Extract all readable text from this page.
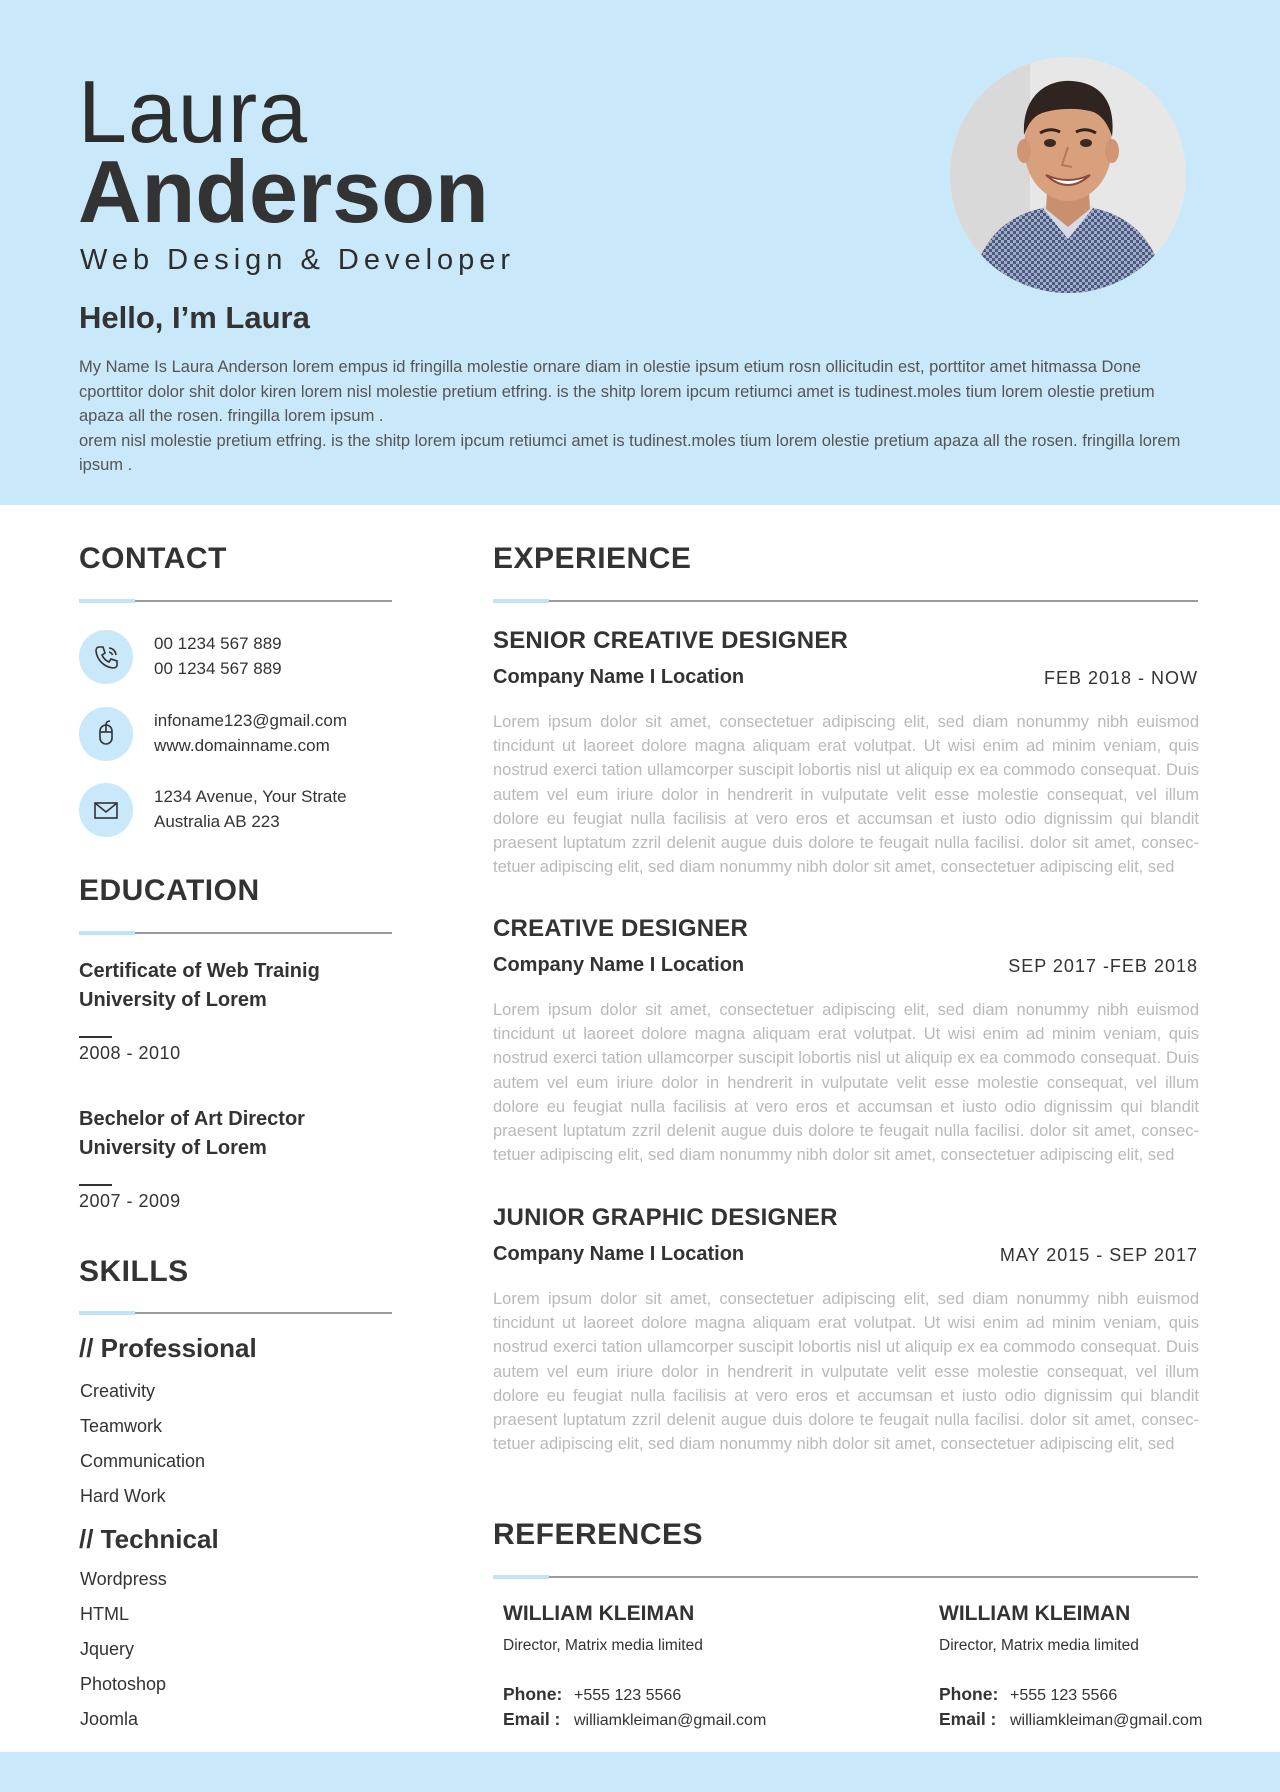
Laura
Anderson
Web Design & Developer
Hello, I’m Laura

My Name Is Laura Anderson lorem empus id fringilla molestie ornare diam in olestie ipsum etium rosn ollicitudin est, porttitor amet hitmassa Done cporttitor dolor shit dolor kiren lorem nisl molestie pretium etfring. is the shitp lorem ipcum retiumci amet is tudinest.moles tium lorem olestie pretium apaza all the rosen. fringilla lorem ipsum .

orem nisl molestie pretium etfring. is the shitp lorem ipcum retiumci amet is tudinest.moles tium lorem olestie pretium apaza all the rosen. fringilla lorem ipsum .

CONTACT
00 1234 567 889
00 1234 567 889
infoname123@gmail.com
www.domainname.com
1234 Avenue, Your Strate
Australia AB 223
EDUCATION
Certificate of Web Trainig
University of Lorem
2008 - 2010
Bechelor of Art Director
University of Lorem
2007 - 2009
SKILLS
// Professional
Creativity
Teamwork
Communication
Hard Work
// Technical
Wordpress
HTML
Jquery
Photoshop
Joomla
EXPERIENCE
SENIOR CREATIVE DESIGNER
Company Name I Location	FEB 2018 - NOW
Lorem ipsum dolor sit amet, consectetuer adipiscing elit, sed diam nonummy nibh euismod tincidunt ut laoreet dolore magna aliquam erat volutpat. Ut wisi enim ad minim veniam, quis nostrud exerci tation ullamcorper suscipit lobortis nisl ut aliquip ex ea commodo consequat. Duis autem vel eum iriure dolor in hendrerit in vulputate velit esse molestie consequat, vel illum dolore eu feugiat nulla facilisis at vero eros et accumsan et iusto odio dignissim qui blandit praesent luptatum zzril delenit augue duis dolore te feugait nulla facilisi. dolor sit amet, consec-tetuer adipiscing elit, sed diam nonummy nibh dolor sit amet, consectetuer adipiscing elit, sed
CREATIVE DESIGNER
Company Name I Location	SEP 2017 -FEB 2018
Lorem ipsum dolor sit amet, consectetuer adipiscing elit, sed diam nonummy nibh euismod tincidunt ut laoreet dolore magna aliquam erat volutpat. Ut wisi enim ad minim veniam, quis nostrud exerci tation ullamcorper suscipit lobortis nisl ut aliquip ex ea commodo consequat. Duis autem vel eum iriure dolor in hendrerit in vulputate velit esse molestie consequat, vel illum dolore eu feugiat nulla facilisis at vero eros et accumsan et iusto odio dignissim qui blandit praesent luptatum zzril delenit augue duis dolore te feugait nulla facilisi. dolor sit amet, consec-tetuer adipiscing elit, sed diam nonummy nibh dolor sit amet, consectetuer adipiscing elit, sed
JUNIOR GRAPHIC DESIGNER
Company Name I Location	MAY 2015 - SEP 2017
Lorem ipsum dolor sit amet, consectetuer adipiscing elit, sed diam nonummy nibh euismod tincidunt ut laoreet dolore magna aliquam erat volutpat. Ut wisi enim ad minim veniam, quis nostrud exerci tation ullamcorper suscipit lobortis nisl ut aliquip ex ea commodo consequat. Duis autem vel eum iriure dolor in hendrerit in vulputate velit esse molestie consequat, vel illum dolore eu feugiat nulla facilisis at vero eros et accumsan et iusto odio dignissim qui blandit praesent luptatum zzril delenit augue duis dolore te feugait nulla facilisi. dolor sit amet, consec-tetuer adipiscing elit, sed diam nonummy nibh dolor sit amet, consectetuer adipiscing elit, sed
REFERENCES
WILLIAM KLEIMAN
Director, Matrix media limited
Phone: +555 123 5566
Email : williamkleiman@gmail.com
WILLIAM KLEIMAN
Director, Matrix media limited
Phone: +555 123 5566
Email : williamkleiman@gmail.com
